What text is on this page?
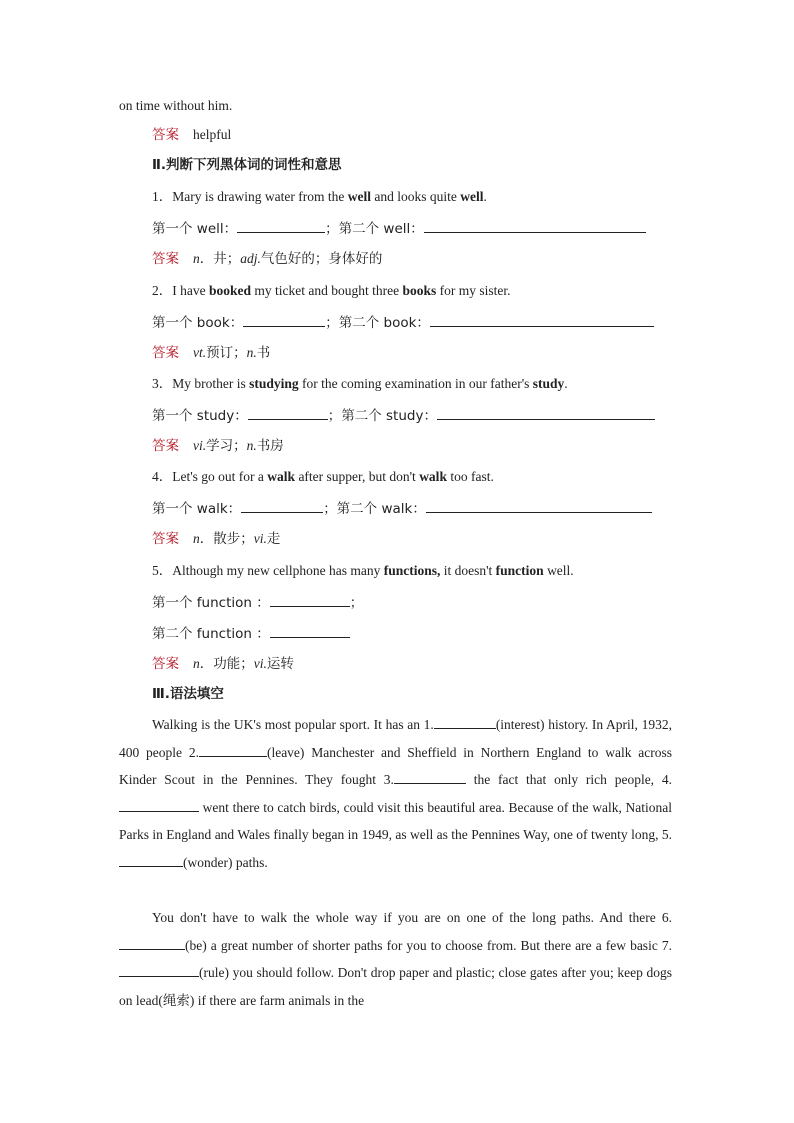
on time without him.
答案 helpful
Ⅱ.判断下列黑体词的词性和意思
1．Mary is drawing water from the well and looks quite well.
第一个 well：	；第二个 well：
答案 n．井；adj.气色好的；身体好的
2．I have booked my ticket and bought three books for my sister.
第一个 book：	；第二个 book：
答案 vt.预订；n.书
3．My brother is studying for the coming examination in our father's study.
第一个 study：	；第二个 study：
答案 vi.学习；n.书房
4．Let's go out for a walk after supper, but don't walk too fast.
第一个 walk：	；第二个 walk：
答案 n．散步；vi.走
5．Although my new cellphone has many functions, it doesn't function well.
第一个 function ：	；
第二个 function ：
答案 n．功能；vi.运转
Ⅲ.语法填空
Walking is the UK's most popular sport. It has an 1.	(interest) history. In April, 1932, 400 people 2.	(leave) Manchester and Sheffield in Northern England to walk across Kinder Scout in the Pennines. They fought 3.	the fact that only rich people, 4. went there to catch birds, could visit this beautiful area. Because of the walk, National Parks in England and Wales finally began in 1949, as well as the Pennines Way, one of twenty long, 5.(wonder) paths.
You don't have to walk the whole way if you are on one of the long paths. And there 6.(be) a great number of shorter paths for you to choose from. But there are a few basic 7.(rule) you should follow. Don't drop paper and plastic; close gates after you; keep dogs on lead(绳索) if there are farm animals in the
